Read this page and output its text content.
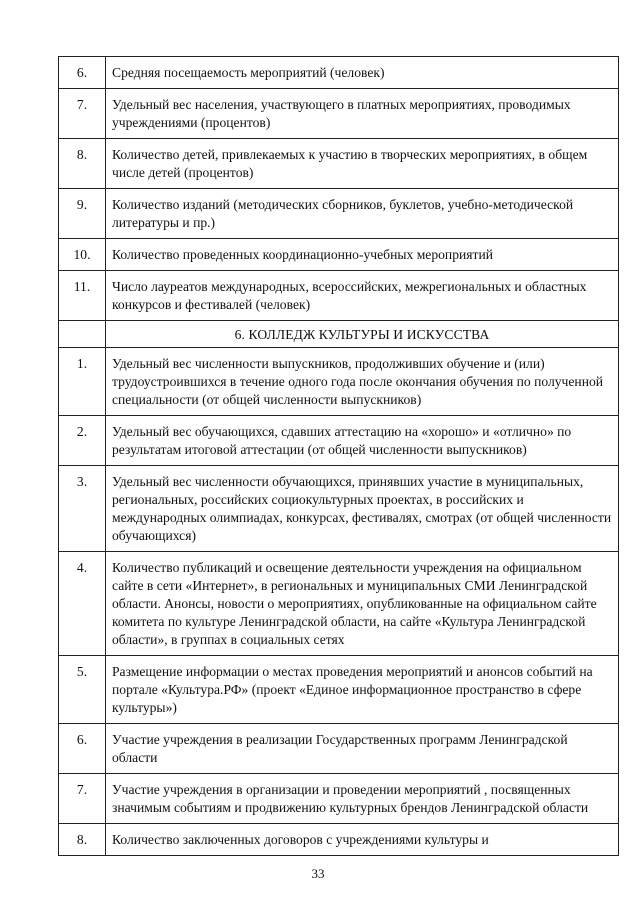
6.	Средняя посещаемость мероприятий (человек)
7.	Удельный вес населения, участвующего в платных мероприятиях, проводимых учреждениями (процентов)
8.	Количество детей, привлекаемых к участию в творческих мероприятиях, в общем числе детей (процентов)
9.	Количество изданий (методических сборников, буклетов, учебно-методической литературы и пр.)
10.	Количество проведенных координационно-учебных мероприятий
11.	Число лауреатов международных, всероссийских, межрегиональных и областных конкурсов и фестивалей (человек)
	6. КОЛЛЕДЖ КУЛЬТУРЫ И ИСКУССТВА
1.	Удельный вес численности выпускников, продолживших обучение и (или) трудоустроившихся в течение одного года после окончания обучения по полученной специальности (от общей численности выпускников)
2.	Удельный вес обучающихся, сдавших аттестацию на «хорошо» и «отлично» по результатам итоговой аттестации (от общей численности выпускников)
3.	Удельный вес численности обучающихся, принявших участие в муниципальных, региональных, российских социокультурных проектах, в российских и международных олимпиадах, конкурсах, фестивалях, смотрах (от общей численности обучающихся)
4.	Количество публикаций и освещение деятельности учреждения на официальном сайте в сети «Интернет», в региональных и муниципальных СМИ Ленинградской области. Анонсы, новости о мероприятиях, опубликованные на официальном сайте комитета по культуре Ленинградской области, на сайте «Культура Ленинградской области», в группах в социальных сетях
5.	Размещение информации о местах проведения мероприятий и анонсов событий на портале «Культура.РФ» (проект «Единое информационное пространство в сфере культуры»)
6.	Участие учреждения в реализации Государственных программ Ленинградской области
7.	Участие учреждения в организации и проведении мероприятий , посвященных значимым событиям и продвижению культурных брендов Ленинградской области
8.	Количество заключенных договоров с учреждениями культуры и
33
